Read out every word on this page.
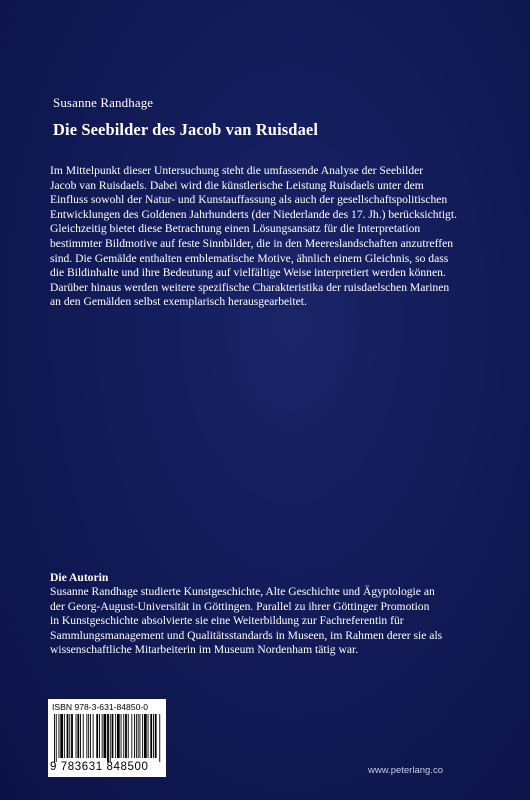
Susanne Randhage
Die Seebilder des Jacob van Ruisdael
Im Mittelpunkt dieser Untersuchung steht die umfassende Analyse der Seebilder
Jacob van Ruisdaels. Dabei wird die künstlerische Leistung Ruisdaels unter dem
Einfluss sowohl der Natur- und Kunstauffassung als auch der gesellschaftspolitischen
Entwicklungen des Goldenen Jahrhunderts (der Niederlande des 17. Jh.) berücksichtigt.
Gleichzeitig bietet diese Betrachtung einen Lösungsansatz für die Interpretation
bestimmter Bildmotive auf feste Sinnbilder, die in den Meereslandschaften anzutreffen
sind. Die Gemälde enthalten emblematische Motive, ähnlich einem Gleichnis, so dass
die Bildinhalte und ihre Bedeutung auf vielfältige Weise interpretiert werden können.
Darüber hinaus werden weitere spezifische Charakteristika der ruisdaelschen Marinen
an den Gemälden selbst exemplarisch herausgearbeitet.
Die Autorin
Susanne Randhage studierte Kunstgeschichte, Alte Geschichte und Ägyptologie an
der Georg-August-Universität in Göttingen. Parallel zu ihrer Göttinger Promotion
in Kunstgeschichte absolvierte sie eine Weiterbildung zur Fachreferentin für
Sammlungsmanagement und Qualitätsstandards in Museen, im Rahmen derer sie als
wissenschaftliche Mitarbeiterin im Museum Nordenham tätig war.
ISBN 978-3-631-84850-0
9 783631 848500	www.peterlang.co
